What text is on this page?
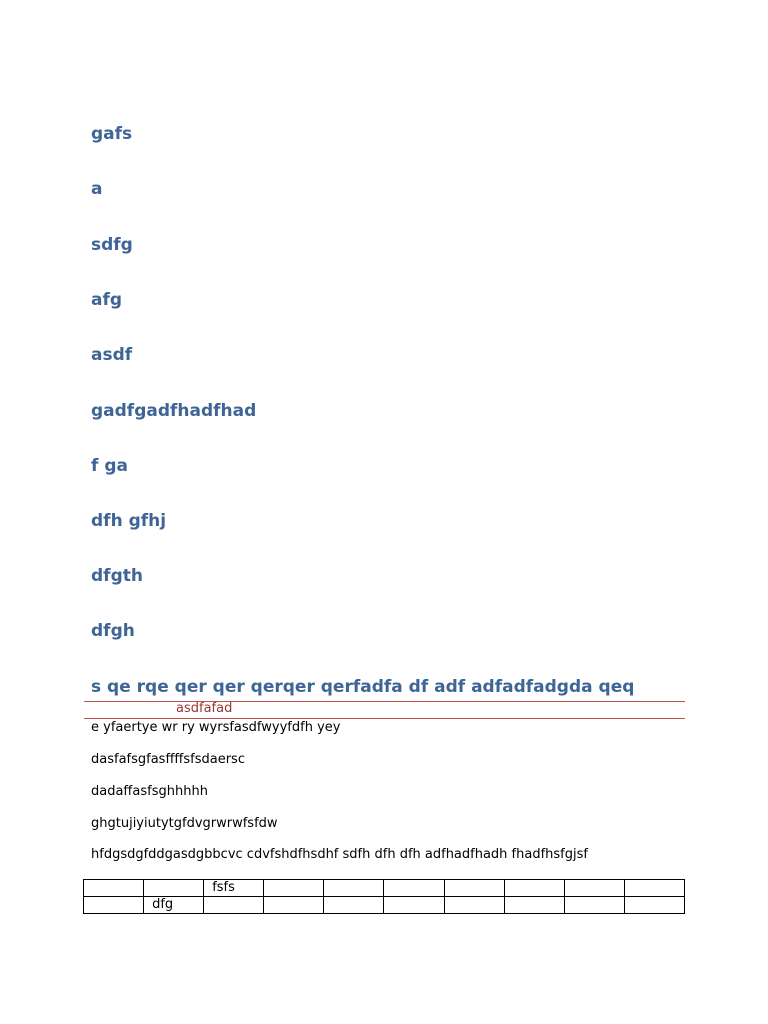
gafs
a
sdfg
afg
asdf
gadfgadfhadfhad
f ga
dfh gfhj
dfgth
dfgh
s qe rqe qer qer qerqer qerfadfa df adf adfadfadgda qeq
asdfafad

e yfaertye wr ry wyrsfasdfwyyfdfh yey

dasfafsgfasffffsfsdaersc

dadaffasfsghhhhh

ghgtujiyiutytgfdvgrwrwfsfdw

hfdgsdgfddgasdgbbcvc cdvfshdfhsdhf sdfh dfh dfh adfhadfhadh fhadfhsfgjsf

		fsfs							
	dfg								
